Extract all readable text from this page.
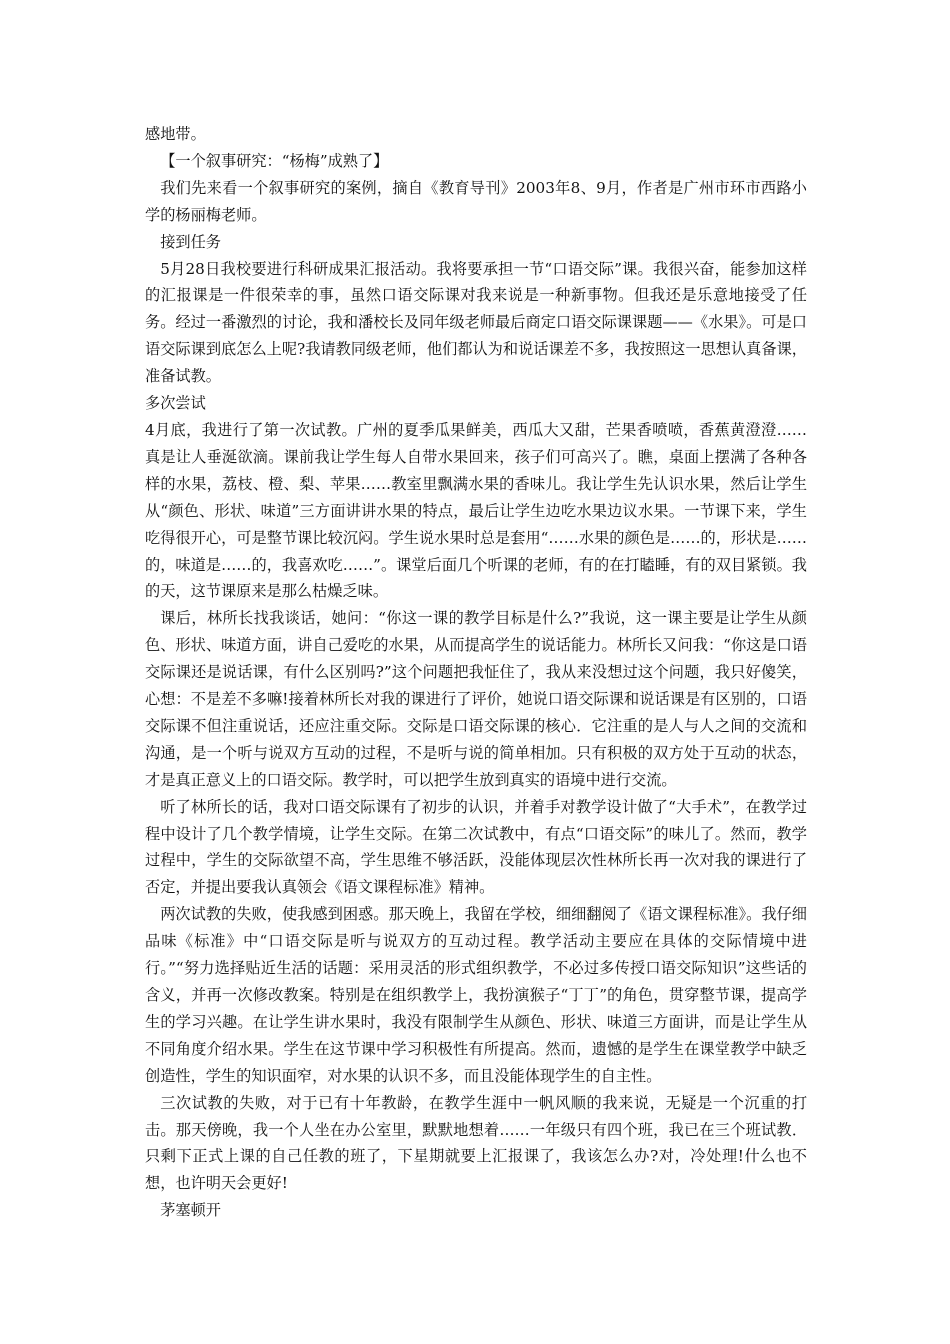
感地带。

【一个叙事研究：“杨梅”成熟了】

我们先来看一个叙事研究的案例，摘自《教育导刊》2003年8、9月，作者是广州市环市西路小学的杨丽梅老师。

接到任务

5月28日我校要进行科研成果汇报活动。我将要承担一节“口语交际”课。我很兴奋，能参加这样的汇报课是一件很荣幸的事，虽然口语交际课对我来说是一种新事物。但我还是乐意地接受了任务。经过一番激烈的讨论，我和潘校长及同年级老师最后商定口语交际课课题——《水果》。可是口语交际课到底怎么上呢?我请教同级老师，他们都认为和说话课差不多，我按照这一思想认真备课，准备试教。

多次尝试

4月底，我进行了第一次试教。广州的夏季瓜果鲜美，西瓜大又甜，芒果香喷喷，香蕉黄澄澄……真是让人垂涎欲滴。课前我让学生每人自带水果回来，孩子们可高兴了。瞧，桌面上摆满了各种各样的水果，荔枝、橙、梨、苹果……教室里飘满水果的香味儿。我让学生先认识水果，然后让学生从“颜色、形状、味道”三方面讲讲水果的特点，最后让学生边吃水果边议水果。一节课下来，学生吃得很开心，可是整节课比较沉闷。学生说水果时总是套用“……水果的颜色是……的，形状是……的，味道是……的，我喜欢吃……”。课堂后面几个听课的老师，有的在打瞌睡，有的双目紧锁。我的天，这节课原来是那么枯燥乏味。

课后，林所长找我谈话，她问：“你这一课的教学目标是什么?”我说，这一课主要是让学生从颜色、形状、味道方面，讲自己爱吃的水果，从而提高学生的说话能力。林所长又问我：“你这是口语交际课还是说话课，有什么区别吗?”这个问题把我怔住了，我从来没想过这个问题，我只好傻笑，心想：不是差不多嘛!接着林所长对我的课进行了评价，她说口语交际课和说话课是有区别的，口语交际课不但注重说话，还应注重交际。交际是口语交际课的核心．它注重的是人与人之间的交流和沟通，是一个听与说双方互动的过程，不是听与说的简单相加。只有积极的双方处于互动的状态，才是真正意义上的口语交际。教学时，可以把学生放到真实的语境中进行交流。

听了林所长的话，我对口语交际课有了初步的认识，并着手对教学设计做了“大手术”，在教学过程中设计了几个教学情境，让学生交际。在第二次试教中，有点“口语交际”的味儿了。然而，教学过程中，学生的交际欲望不高，学生思维不够活跃，没能体现层次性林所长再一次对我的课进行了否定，并提出要我认真领会《语文课程标准》精神。

两次试教的失败，使我感到困惑。那天晚上，我留在学校，细细翻阅了《语文课程标准》。我仔细品味《标准》中“口语交际是听与说双方的互动过程。教学活动主要应在具体的交际情境中进行。”“努力选择贴近生活的话题：采用灵活的形式组织教学，不必过多传授口语交际知识”这些话的含义，并再一次修改教案。特别是在组织教学上，我扮演猴子“丁丁”的角色，贯穿整节课，提高学生的学习兴趣。在让学生讲水果时，我没有限制学生从颜色、形状、味道三方面讲，而是让学生从不同角度介绍水果。学生在这节课中学习积极性有所提高。然而，遗憾的是学生在课堂教学中缺乏创造性，学生的知识面窄，对水果的认识不多，而且没能体现学生的自主性。

三次试教的失败，对于已有十年教龄，在教学生涯中一帆风顺的我来说，无疑是一个沉重的打击。那天傍晚，我一个人坐在办公室里，默默地想着……一年级只有四个班，我已在三个班试教．只剩下正式上课的自己任教的班了，下星期就要上汇报课了，我该怎么办?对，冷处理!什么也不想，也许明天会更好!

茅塞顿开
